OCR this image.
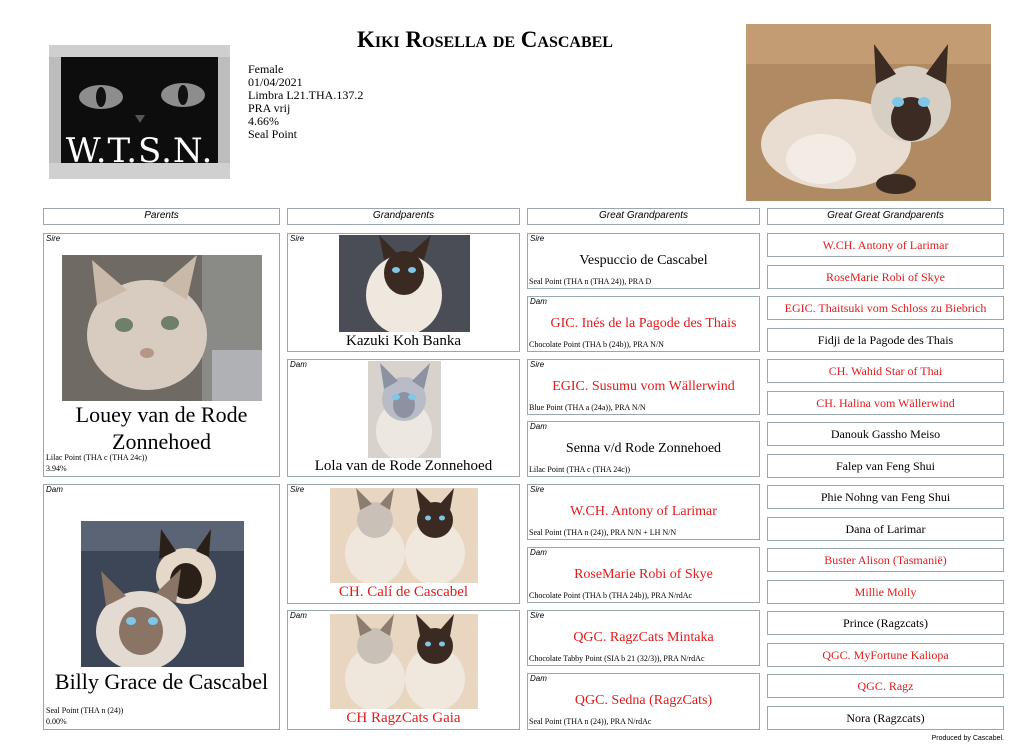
Kiki Rosella de Cascabel
W.T.S.N.
Female
01/04/2021
Limbra L21.THA.137.2
PRA vrij
4.66%
Seal Point
Parents	Grandparents	Great Grandparents	Great Great Grandparents
Sire
Louey van de Rode Zonnehoed
Lilac Point (THA c (THA 24c))
3.94%
Dam
Billy Grace de Cascabel
Seal Point (THA n (24))
0.00%
Sire
Kazuki Koh Banka
Dam
Lola van de Rode Zonnehoed
Sire
CH. Calí de Cascabel
Dam
CH RagzCats Gaia
Sire
Vespuccio de Cascabel
Seal Point (THA n (THA 24)), PRA D
Dam
GIC. Inés de la Pagode des Thais
Chocolate Point (THA b (24b)), PRA N/N
Sire
EGIC. Susumu vom Wällerwind
Blue Point (THA a (24a)), PRA N/N
Dam
Senna v/d Rode Zonnehoed
Lilac Point (THA c (THA 24c))
Sire
W.CH. Antony of Larimar
Seal Point (THA n (24)), PRA N/N + LH N/N
Dam
RoseMarie Robi of Skye
Chocolate Point (THA b (THA 24b)), PRA N/rdAc
Sire
QGC. RagzCats Mintaka
Chocolate Tabby Point (SIA b 21 (32/3)), PRA N/rdAc
Dam
QGC. Sedna (RagzCats)
Seal Point (THA n (24)), PRA N/rdAc
W.CH. Antony of Larimar
RoseMarie Robi of Skye
EGIC. Thaitsuki vom Schloss zu Biebrich
Fidji de la Pagode des Thais
CH. Wahid Star of Thai
CH. Halina vom Wällerwind
Danouk Gassho Meiso
Falep van Feng Shui
Phie Nohng van Feng Shui
Dana of Larimar
Buster Alison (Tasmanië)
Millie Molly
Prince (Ragzcats)
QGC. MyFortune Kaliopa
QGC. Ragz
Nora (Ragzcats)
Produced by Cascabel.
